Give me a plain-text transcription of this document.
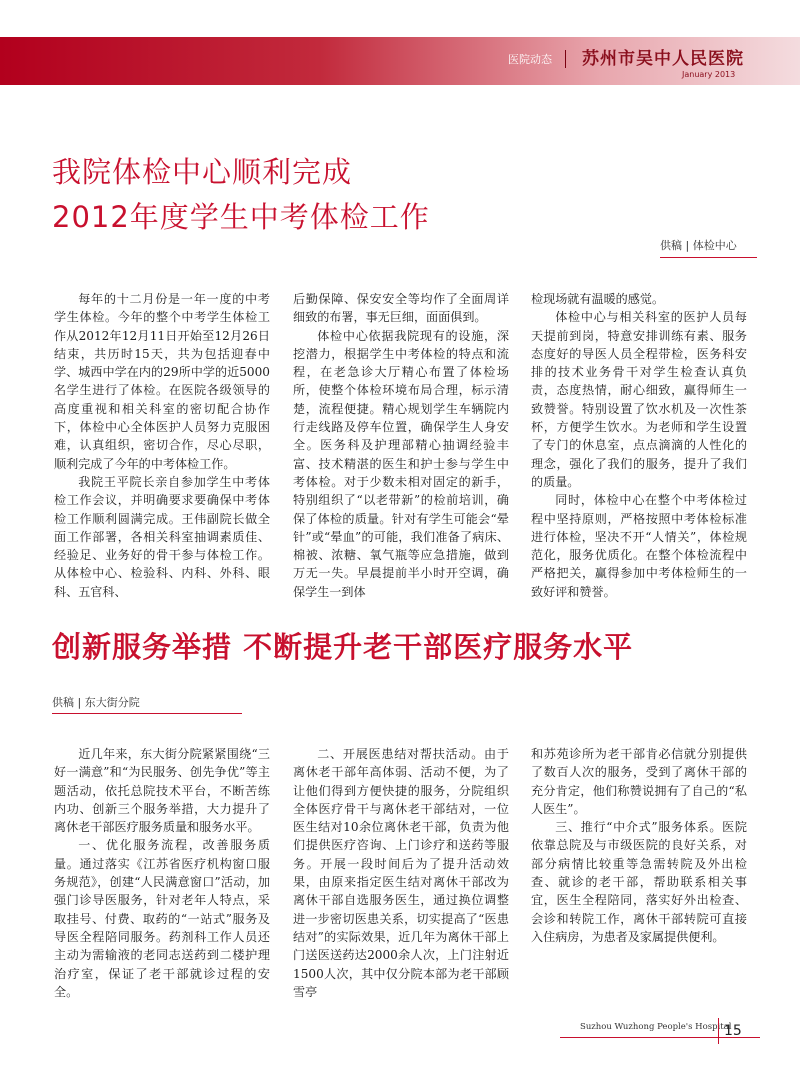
医院动态 苏州市吴中人民医院
January 2013
我院体检中心顺利完成
2012年度学生中考体检工作
供稿 | 体检中心

每年的十二月份是一年一度的中考学生体检。今年的整个中考学生体检工作从2012年12月11日开始至12月26日结束，共历时15天，共为包括迎春中学、城西中学在内的29所中学的近5000名学生进行了体检。在医院各级领导的高度重视和相关科室的密切配合协作下，体检中心全体医护人员努力克服困难，认真组织，密切合作，尽心尽职，顺利完成了今年的中考体检工作。

我院王平院长亲自参加学生中考体检工作会议，并明确要求要确保中考体检工作顺利圆满完成。王伟副院长做全面工作部署，各相关科室抽调素质佳、经验足、业务好的骨干参与体检工作。从体检中心、检验科、内科、外科、眼科、五官科、

后勤保障、保安安全等均作了全面周详细致的布署，事无巨细，面面俱到。

体检中心依据我院现有的设施，深挖潜力，根据学生中考体检的特点和流程，在老急诊大厅精心布置了体检场所，使整个体检环境布局合理，标示清楚，流程便捷。精心规划学生车辆院内行走线路及停车位置，确保学生人身安全。医务科及护理部精心抽调经验丰富、技术精湛的医生和护士参与学生中考体检。对于少数未相对固定的新手，特别组织了“以老带新”的检前培训，确保了体检的质量。针对有学生可能会“晕针”或“晕血”的可能，我们准备了病床、棉被、浓糖、氧气瓶等应急措施，做到万无一失。早晨提前半小时开空调，确保学生一到体

检现场就有温暖的感觉。

体检中心与相关科室的医护人员每天提前到岗，特意安排训练有素、服务态度好的导医人员全程带检，医务科安排的技术业务骨干对学生检查认真负责，态度热情，耐心细致，赢得师生一致赞誉。特别设置了饮水机及一次性茶杯，方便学生饮水。为老师和学生设置了专门的休息室，点点滴滴的人性化的理念，强化了我们的服务，提升了我们的质量。

同时，体检中心在整个中考体检过程中坚持原则，严格按照中考体检标准进行体检，坚决不开“人情关”，体检规范化，服务优质化。在整个体检流程中严格把关，赢得参加中考体检师生的一致好评和赞誉。

创新服务举措 不断提升老干部医疗服务水平
供稿 | 东大街分院

近几年来，东大街分院紧紧围绕“三好一满意”和“为民服务、创先争优”等主题活动，依托总院技术平台，不断苦练内功、创新三个服务举措，大力提升了离休老干部医疗服务质量和服务水平。

一、优化服务流程，改善服务质量。通过落实《江苏省医疗机构窗口服务规范》，创建“人民满意窗口”活动，加强门诊导医服务，针对老年人特点，采取挂号、付费、取药的“一站式”服务及导医全程陪同服务。药剂科工作人员还主动为需输液的老同志送药到二楼护理治疗室，保证了老干部就诊过程的安全。

二、开展医患结对帮扶活动。由于离休老干部年高体弱、活动不便，为了让他们得到方便快捷的服务，分院组织全体医疗骨干与离休老干部结对，一位医生结对10余位离休老干部，负责为他们提供医疗咨询、上门诊疗和送药等服务。开展一段时间后为了提升活动效果，由原来指定医生结对离休干部改为离休干部自选服务医生，通过换位调整进一步密切医患关系，切实提高了“医患结对”的实际效果，近几年为离休干部上门送医送药达2000余人次，上门注射近1500人次，其中仅分院本部为老干部顾雪亭

和苏苑诊所为老干部肯必信就分别提供了数百人次的服务，受到了离休干部的充分肯定，他们称赞说拥有了自己的“私人医生”。

三、推行“中介式”服务体系。医院依靠总院及与市级医院的良好关系，对部分病情比较重等急需转院及外出检查、就诊的老干部，帮助联系相关事宜，医生全程陪同，落实好外出检查、会诊和转院工作，离休干部转院可直接入住病房，为患者及家属提供便利。

Suzhou Wuzhong People's Hospital
15
